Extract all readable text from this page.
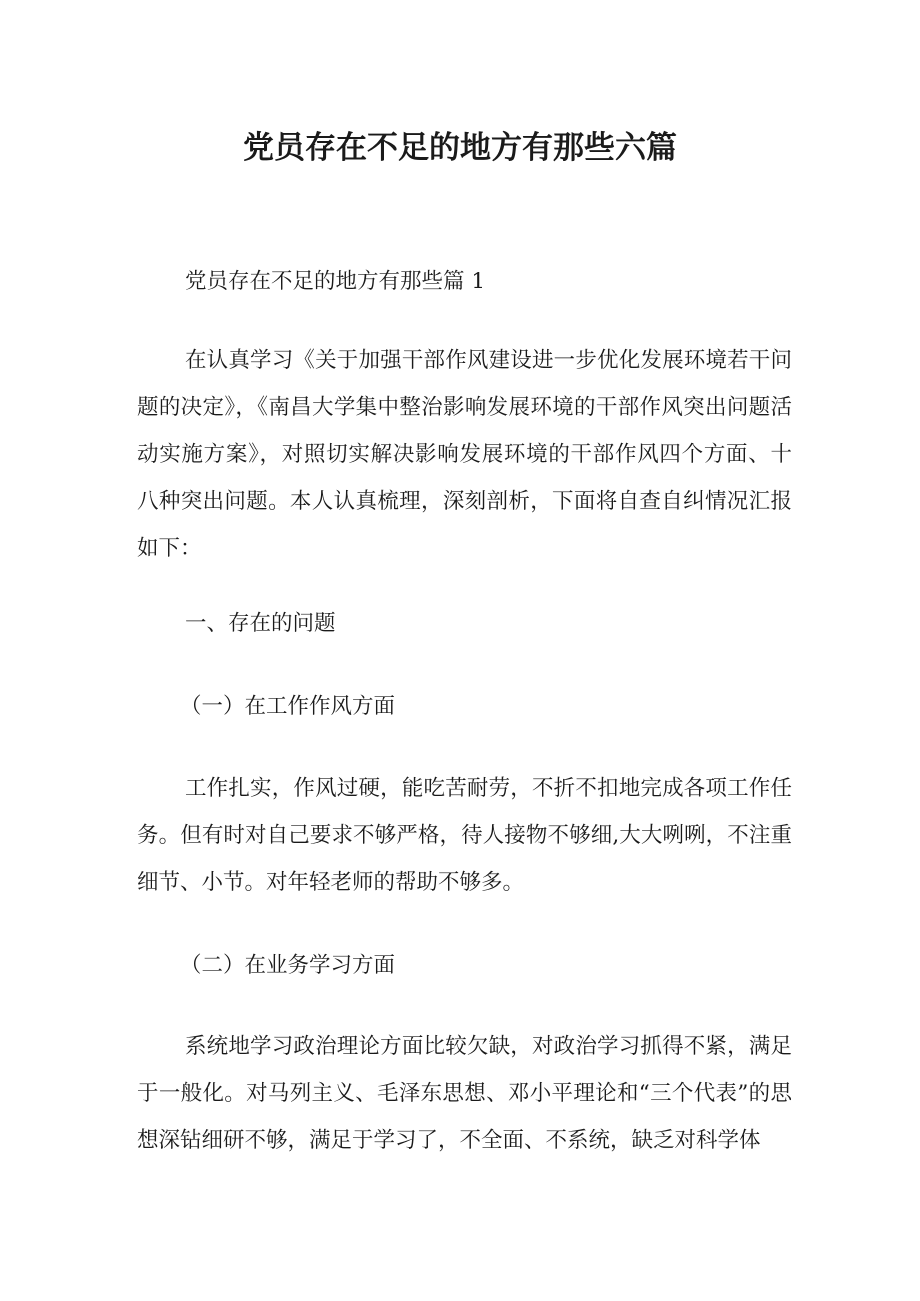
党员存在不足的地方有那些六篇

党员存在不足的地方有那些篇 1

在认真学习《关于加强干部作风建设进一步优化发展环境若干问题的决定》，《南昌大学集中整治影响发展环境的干部作风突出问题活动实施方案》，对照切实解决影响发展环境的干部作风四个方面、十八种突出问题。本人认真梳理，深刻剖析，下面将自查自纠情况汇报如下：

一、存在的问题

（一）在工作作风方面

工作扎实，作风过硬，能吃苦耐劳，不折不扣地完成各项工作任务。但有时对自己要求不够严格，待人接物不够细,大大咧咧，不注重细节、小节。对年轻老师的帮助不够多。

（二）在业务学习方面

系统地学习政治理论方面比较欠缺，对政治学习抓得不紧，满足于一般化。对马列主义、毛泽东思想、邓小平理论和“三个代表”的思想深钻细研不够，满足于学习了，不全面、不系统，缺乏对科学体
